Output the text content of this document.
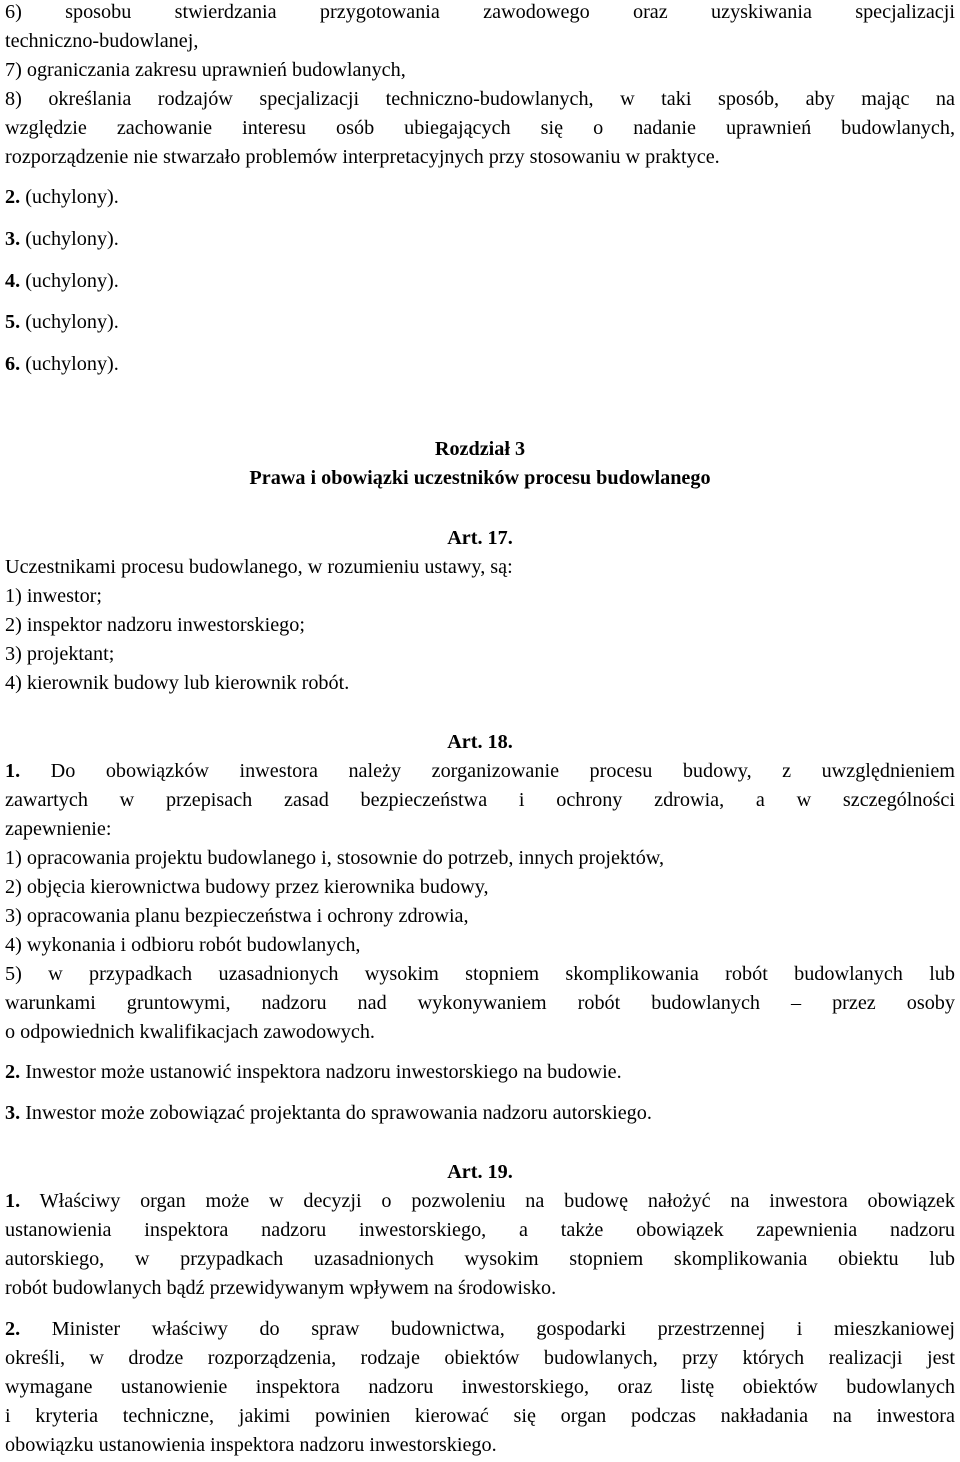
6) sposobu stwierdzania przygotowania zawodowego oraz uzyskiwania specjalizacji
techniczno-budowlanej,
7) ograniczania zakresu uprawnień budowlanych,
8) określania rodzajów specjalizacji techniczno-budowlanych, w taki sposób, aby mając na
względzie zachowanie interesu osób ubiegających się o nadanie uprawnień budowlanych,
rozporządzenie nie stwarzało problemów interpretacyjnych przy stosowaniu w praktyce.
2. (uchylony).
3. (uchylony).
4. (uchylony).
5. (uchylony).
6. (uchylony).
Rozdział 3
Prawa i obowiązki uczestników procesu budowlanego
Art. 17.
Uczestnikami procesu budowlanego, w rozumieniu ustawy, są:
1) inwestor;
2) inspektor nadzoru inwestorskiego;
3) projektant;
4) kierownik budowy lub kierownik robót.
Art. 18.
1. Do obowiązków inwestora należy zorganizowanie procesu budowy, z uwzględnieniem
zawartych w przepisach zasad bezpieczeństwa i ochrony zdrowia, a w szczególności
zapewnienie:
1) opracowania projektu budowlanego i, stosownie do potrzeb, innych projektów,
2) objęcia kierownictwa budowy przez kierownika budowy,
3) opracowania planu bezpieczeństwa i ochrony zdrowia,
4) wykonania i odbioru robót budowlanych,
5) w przypadkach uzasadnionych wysokim stopniem skomplikowania robót budowlanych lub
warunkami gruntowymi, nadzoru nad wykonywaniem robót budowlanych – przez osoby
o odpowiednich kwalifikacjach zawodowych.
2. Inwestor może ustanowić inspektora nadzoru inwestorskiego na budowie.
3. Inwestor może zobowiązać projektanta do sprawowania nadzoru autorskiego.
Art. 19.
1. Właściwy organ może w decyzji o pozwoleniu na budowę nałożyć na inwestora obowiązek
ustanowienia inspektora nadzoru inwestorskiego, a także obowiązek zapewnienia nadzoru
autorskiego, w przypadkach uzasadnionych wysokim stopniem skomplikowania obiektu lub
robót budowlanych bądź przewidywanym wpływem na środowisko.
2. Minister właściwy do spraw budownictwa, gospodarki przestrzennej i mieszkaniowej
określi, w drodze rozporządzenia, rodzaje obiektów budowlanych, przy których realizacji jest
wymagane ustanowienie inspektora nadzoru inwestorskiego, oraz listę obiektów budowlanych
i kryteria techniczne, jakimi powinien kierować się organ podczas nakładania na inwestora
obowiązku ustanowienia inspektora nadzoru inwestorskiego.
